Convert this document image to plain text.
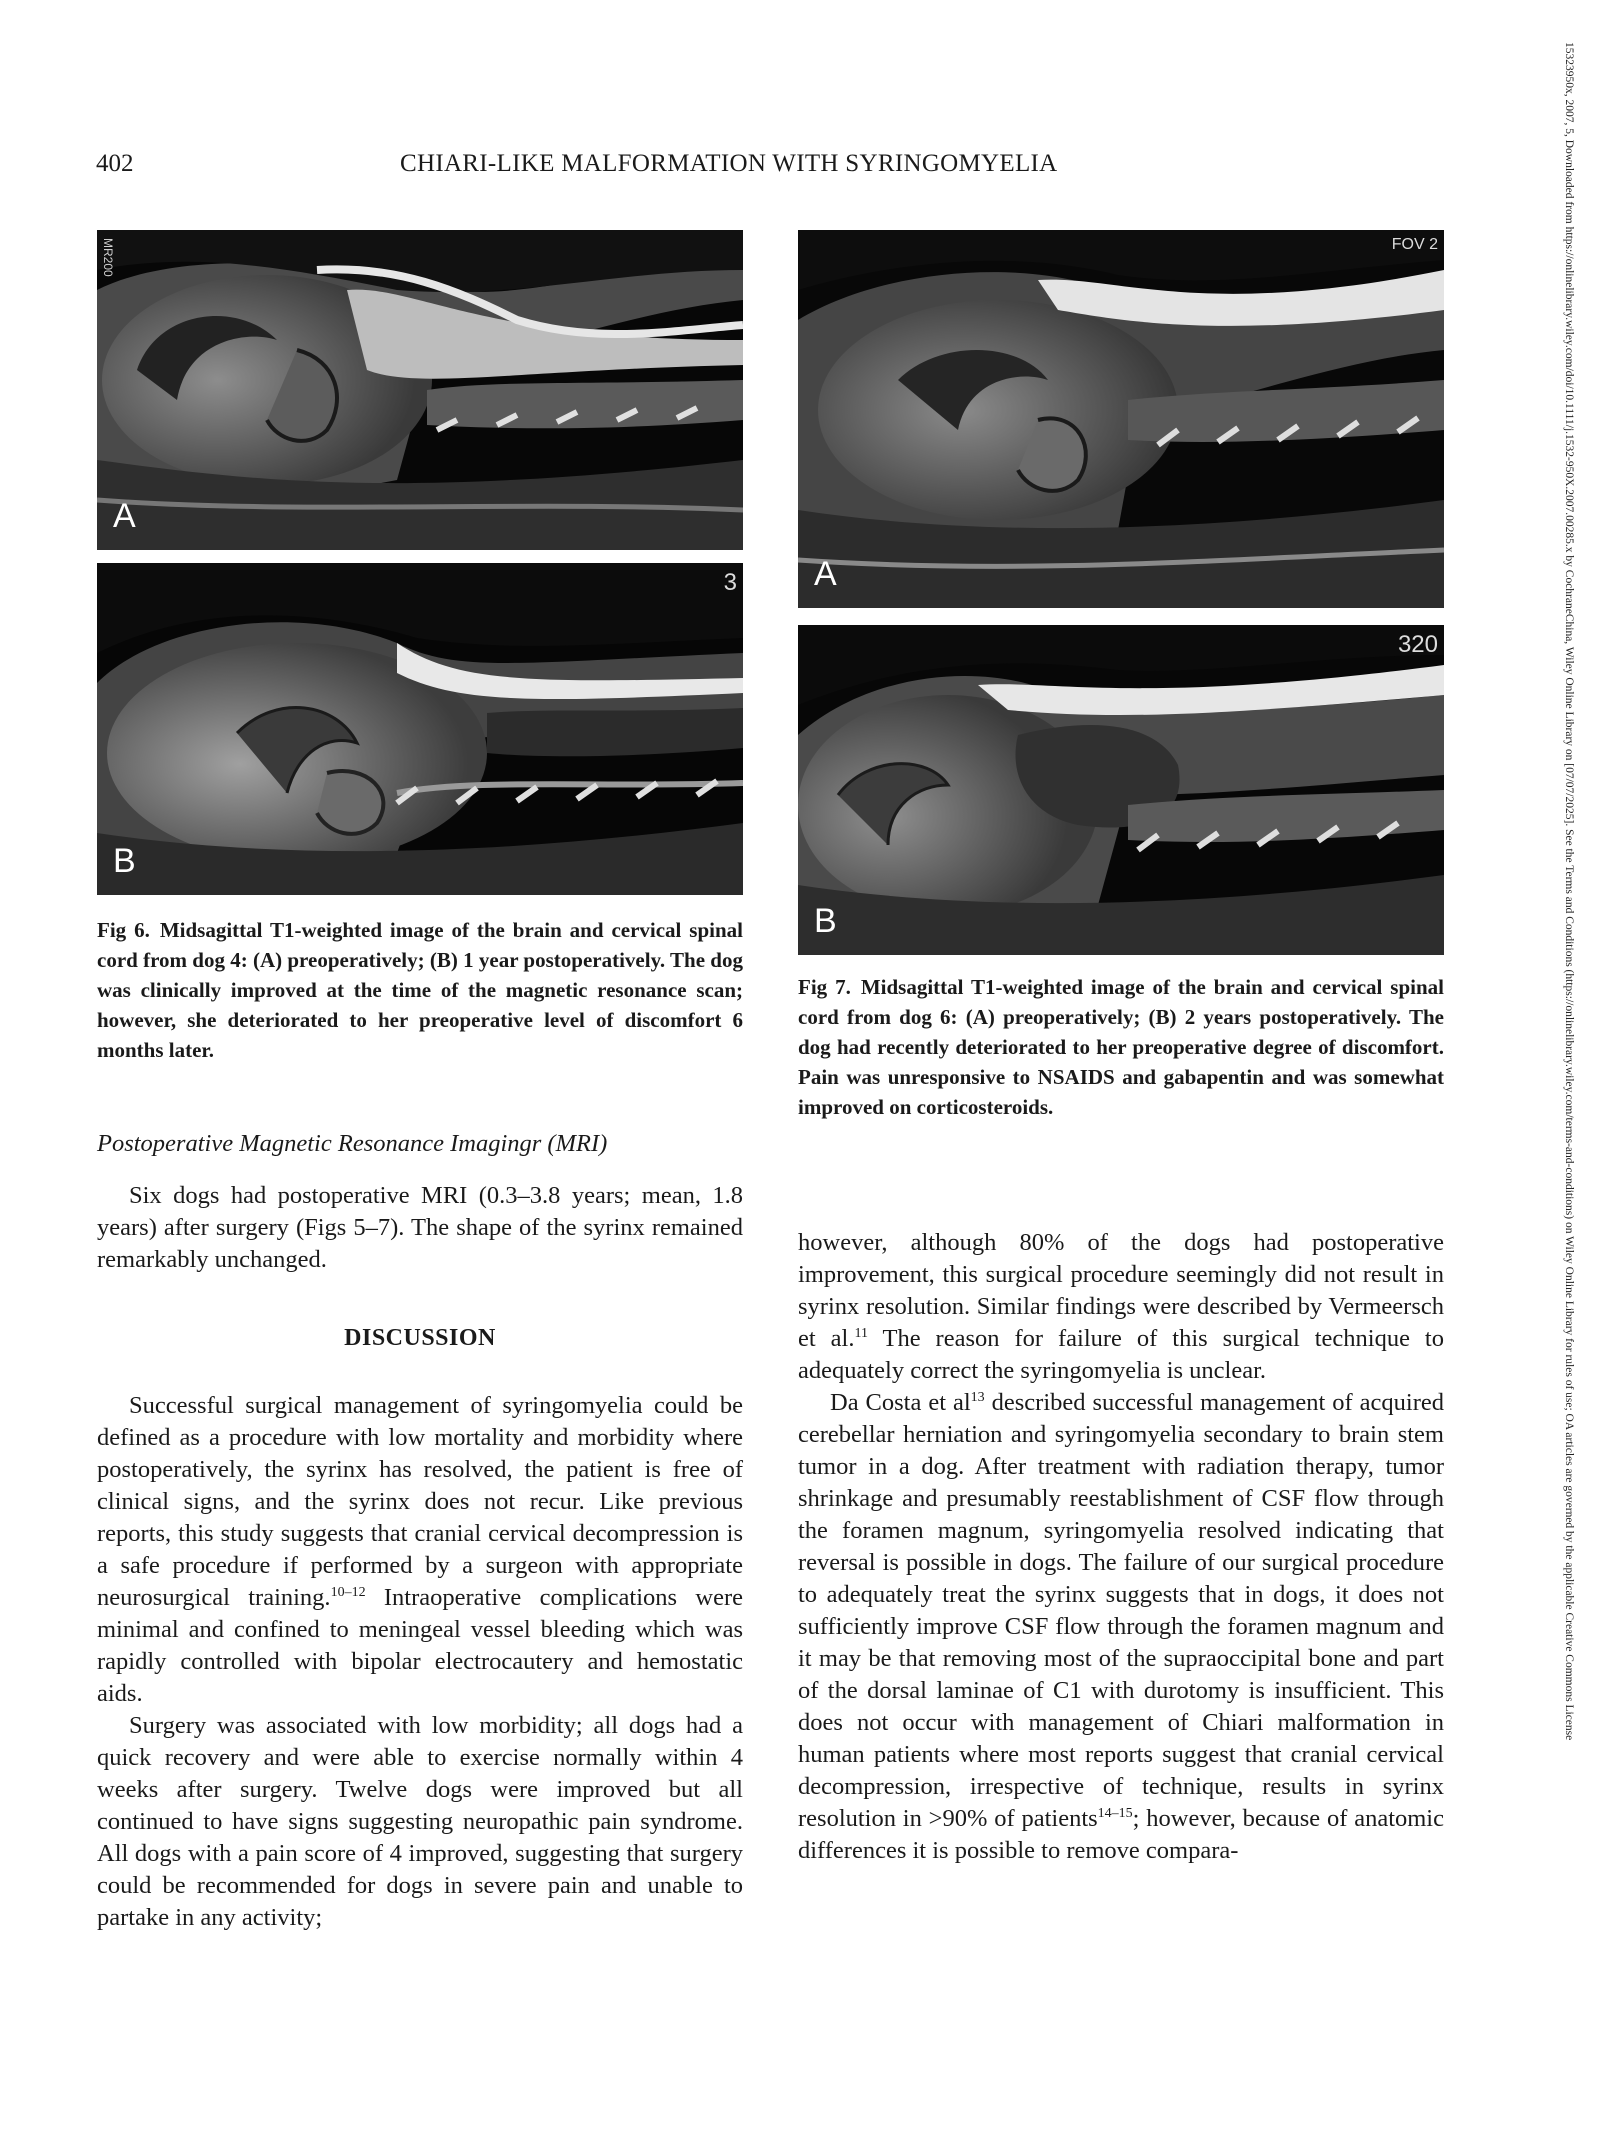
402	CHIARI-LIKE MALFORMATION WITH SYRINGOMYELIA	15323950x, 2007, 5, Downloaded from https://onlinelibrary.wiley.com/doi/10.1111/j.1532-950X.2007.00285.x by CochraneChina, Wiley Online Library on [07/07/2025]. See the Terms and Conditions (https://onlinelibrary.wiley.com/terms-and-conditions) on Wiley Online Library for rules of use; OA articles are governed by the applicable Creative Commons License
A
MR200
B
3

Fig 6. Midsagittal T1-weighted image of the brain and cervical spinal cord from dog 4: (A) preoperatively; (B) 1 year postoperatively. The dog was clinically improved at the time of the magnetic resonance scan; however, she deteriorated to her preoperative level of discomfort 6 months later.

A
FOV 2
B
320

Fig 7. Midsagittal T1-weighted image of the brain and cervical spinal cord from dog 6: (A) preoperatively; (B) 2 years postoperatively. The dog had recently deteriorated to her preoperative degree of discomfort. Pain was unresponsive to NSAIDS and gabapentin and was somewhat improved on corticosteroids.

Postoperative Magnetic Resonance Imagingr (MRI)

Six dogs had postoperative MRI (0.3–3.8 years; mean, 1.8 years) after surgery (Figs 5–7). The shape of the syrinx remained remarkably unchanged.

DISCUSSION

Successful surgical management of syringomyelia could be defined as a procedure with low mortality and morbidity where postoperatively, the syrinx has resolved, the patient is free of clinical signs, and the syrinx does not recur. Like previous reports, this study suggests that cranial cervical decompression is a safe procedure if performed by a surgeon with appropriate neurosurgical training.$^{10-12}$ Intraoperative complications were minimal and confined to meningeal vessel bleeding which was rapidly controlled with bipolar electrocautery and hemostatic aids.

Surgery was associated with low morbidity; all dogs had a quick recovery and were able to exercise normally within 4 weeks after surgery. Twelve dogs were improved but all continued to have signs suggesting neuropathic pain syndrome. All dogs with a pain score of 4 improved, suggesting that surgery could be recommended for dogs in severe pain and unable to partake in any activity;

however, although 80% of the dogs had postoperative improvement, this surgical procedure seemingly did not result in syrinx resolution. Similar findings were described by Vermeersch et al.$^{11}$ The reason for failure of this surgical technique to adequately correct the syringomyelia is unclear.

Da Costa et $al^{13}$ described successful management of acquired cerebellar herniation and syringomyelia secondary to brain stem tumor in a dog. After treatment with radiation therapy, tumor shrinkage and presumably reestablishment of CSF flow through the foramen magnum, syringomyelia resolved indicating that reversal is possible in dogs. The failure of our surgical procedure to adequately treat the syrinx suggests that in dogs, it does not sufficiently improve CSF flow through the foramen magnum and it may be that removing most of the supraoccipital bone and part of the dorsal laminae of C1 with durotomy is insufficient. This does not occur with management of Chiari malformation in human patients where most reports suggest that cranial cervical decompression, irrespective of technique, results in syrinx resolution in >90% of patients$^{14-15}$; however, because of anatomic differences it is possible to remove compara-
